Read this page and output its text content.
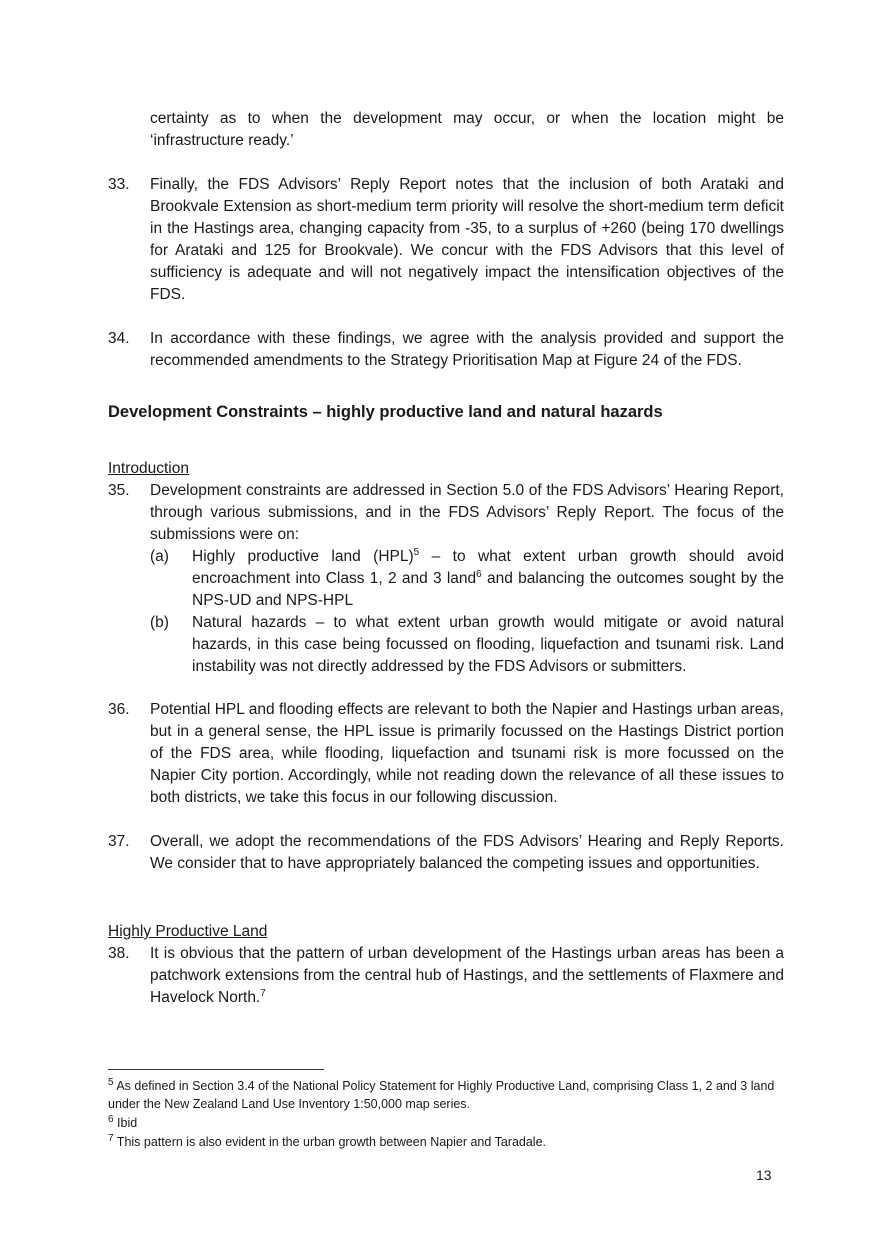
certainty as to when the development may occur, or when the location might be ‘infrastructure ready.’
33.	Finally, the FDS Advisors’ Reply Report notes that the inclusion of both Arataki and Brookvale Extension as short-medium term priority will resolve the short-medium term deficit in the Hastings area, changing capacity from -35, to a surplus of +260 (being 170 dwellings for Arataki and 125 for Brookvale). We concur with the FDS Advisors that this level of sufficiency is adequate and will not negatively impact the intensification objectives of the FDS.
34.	In accordance with these findings, we agree with the analysis provided and support the recommended amendments to the Strategy Prioritisation Map at Figure 24 of the FDS.
Development Constraints – highly productive land and natural hazards
Introduction
35.	Development constraints are addressed in Section 5.0 of the FDS Advisors’ Hearing Report, through various submissions, and in the FDS Advisors’ Reply Report. The focus of the submissions were on:
(a)	Highly productive land (HPL)$^5$ – to what extent urban growth should avoid encroachment into Class 1, 2 and 3 land$^6$ and balancing the outcomes sought by the NPS-UD and NPS-HPL
(b)	Natural hazards – to what extent urban growth would mitigate or avoid natural hazards, in this case being focussed on flooding, liquefaction and tsunami risk. Land instability was not directly addressed by the FDS Advisors or submitters.
36.	Potential HPL and flooding effects are relevant to both the Napier and Hastings urban areas, but in a general sense, the HPL issue is primarily focussed on the Hastings District portion of the FDS area, while flooding, liquefaction and tsunami risk is more focussed on the Napier City portion. Accordingly, while not reading down the relevance of all these issues to both districts, we take this focus in our following discussion.
37.	Overall, we adopt the recommendations of the FDS Advisors’ Hearing and Reply Reports. We consider that to have appropriately balanced the competing issues and opportunities.
Highly Productive Land
38.	It is obvious that the pattern of urban development of the Hastings urban areas has been a patchwork extensions from the central hub of Hastings, and the settlements of Flaxmere and Havelock North.$^7$
$^5$ As defined in Section 3.4 of the National Policy Statement for Highly Productive Land, comprising Class 1, 2 and 3 land under the New Zealand Land Use Inventory 1:50,000 map series.
$^6$ Ibid
$^7$ This pattern is also evident in the urban growth between Napier and Taradale.
13
